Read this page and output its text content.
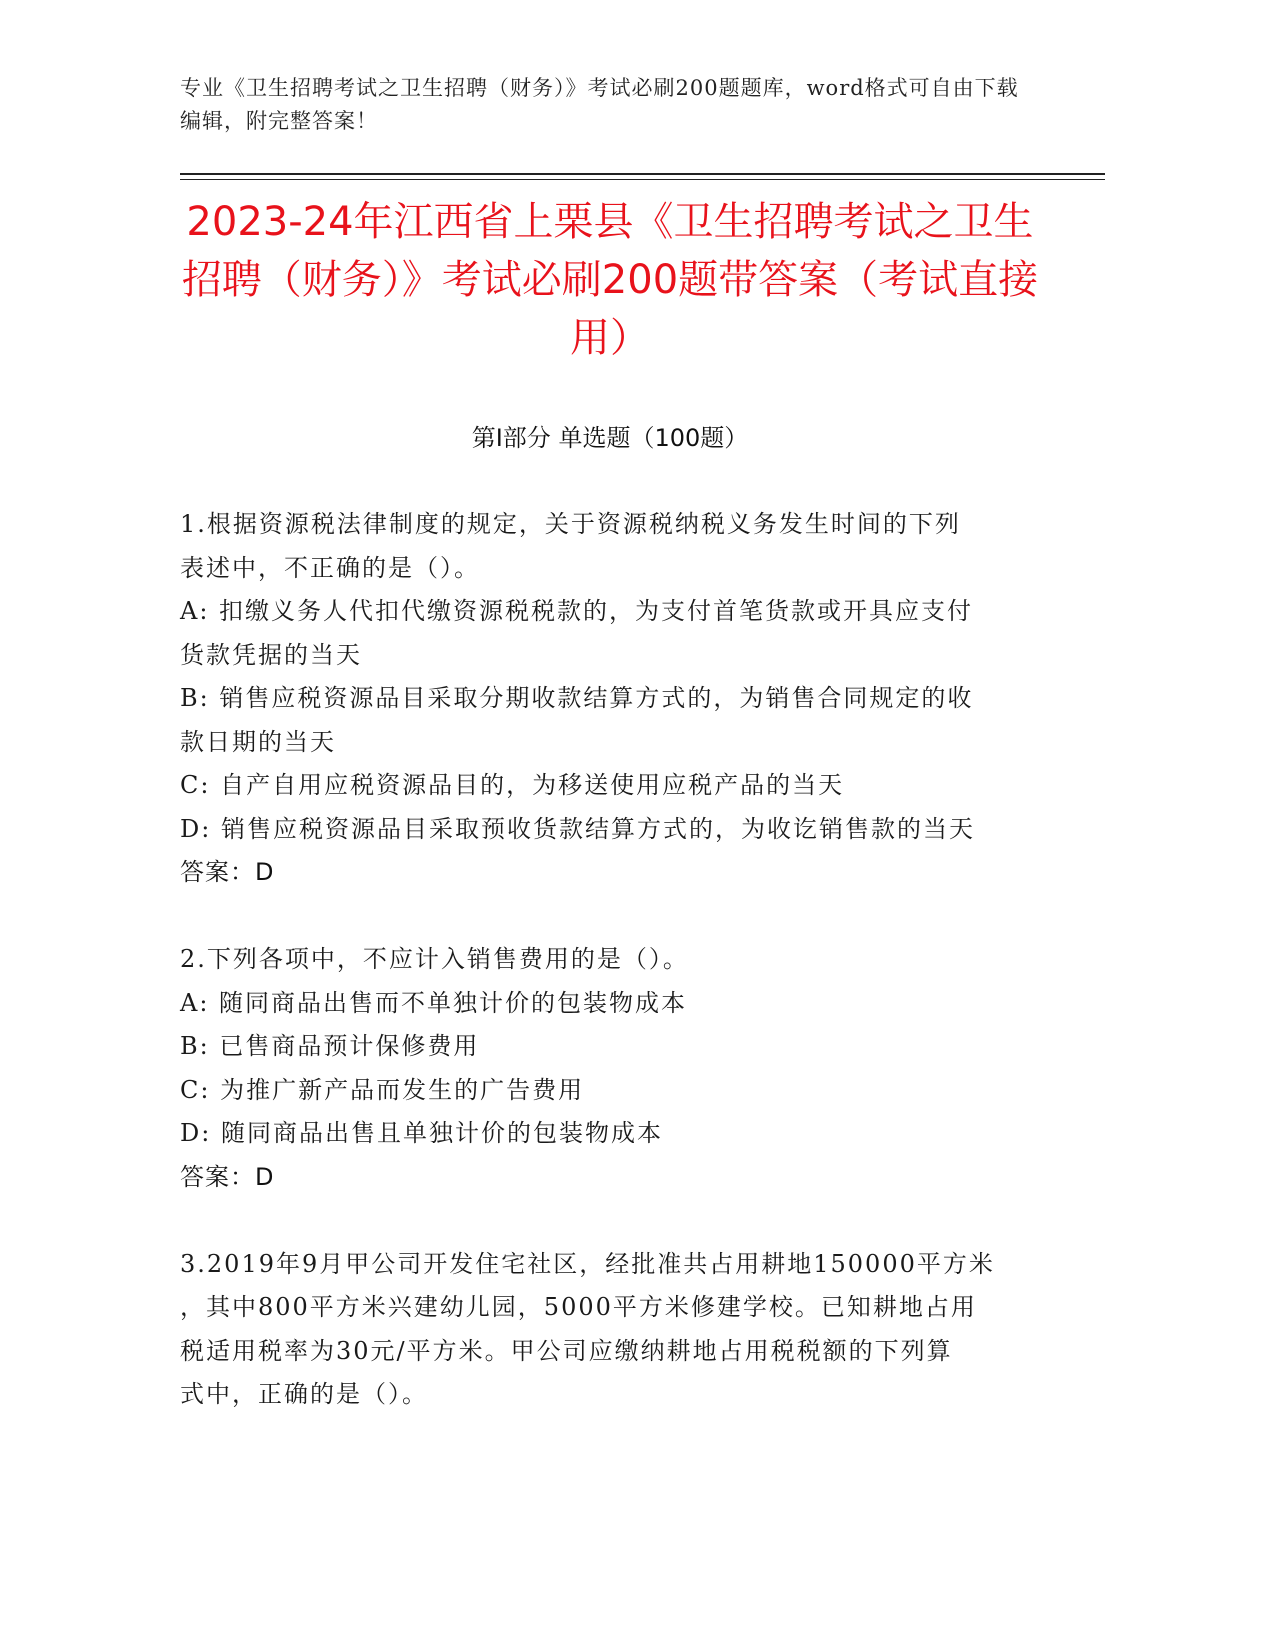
专业《卫生招聘考试之卫生招聘（财务）》考试必刷200题题库，word格式可自由下载编辑，附完整答案！
2023-24年江西省上栗县《卫生招聘考试之卫生招聘（财务）》考试必刷200题带答案（考试直接用）
第Ⅰ部分 单选题（100题）
1.根据资源税法律制度的规定，关于资源税纳税义务发生时间的下列
表述中，不正确的是（）。
A: 扣缴义务人代扣代缴资源税税款的，为支付首笔货款或开具应支付
货款凭据的当天
B: 销售应税资源品目采取分期收款结算方式的，为销售合同规定的收
款日期的当天
C: 自产自用应税资源品目的，为移送使用应税产品的当天
D: 销售应税资源品目采取预收货款结算方式的，为收讫销售款的当天
答案：D
2.下列各项中，不应计入销售费用的是（）。
A: 随同商品出售而不单独计价的包装物成本
B: 已售商品预计保修费用
C: 为推广新产品而发生的广告费用
D: 随同商品出售且单独计价的包装物成本
答案：D
3.2019年9月甲公司开发住宅社区，经批准共占用耕地150000平方米
，其中800平方米兴建幼儿园，5000平方米修建学校。已知耕地占用
税适用税率为30元/平方米。甲公司应缴纳耕地占用税税额的下列算
式中，正确的是（）。
